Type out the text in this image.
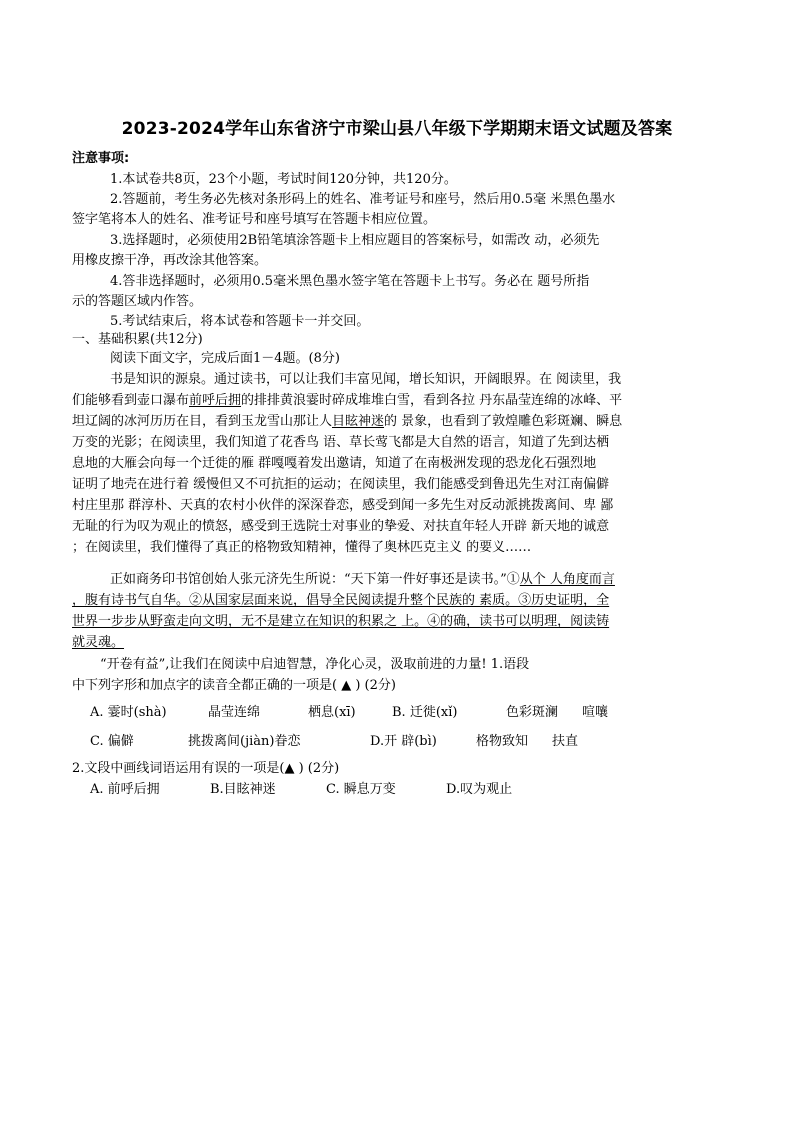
2023-2024学年山东省济宁市梁山县八年级下学期期末语文试题及答案
注意事项:
1.本试卷共8页，23个小题，考试时间120分钟，共120分。
2.答题前，考生务必先核对条形码上的姓名、准考证号和座号，然后用0.5毫 米黑色墨水
签字笔将本人的姓名、准考证号和座号填写在答题卡相应位置。
3.选择题时，必须使用2B铅笔填涂答题卡上相应题目的答案标号，如需改 动，必须先
用橡皮擦干净，再改涂其他答案。
4.答非选择题时，必须用0.5毫米黑色墨水签字笔在答题卡上书写。务必在 题号所指
示的答题区域内作答。
5.考试结束后，将本试卷和答题卡一并交回。
一、基础积累(共12分)
阅读下面文字，完成后面1－4题。(8分)
书是知识的源泉。通过读书，可以让我们丰富见闻，增长知识，开阔眼界。在 阅读里，我
们能够看到壶口瀑布前呼后拥的排排黄浪霎时碎成堆堆白雪，看到各拉 丹东晶莹连绵的冰峰、平
坦辽阔的冰河历历在目，看到玉龙雪山那让人目眩神迷的 景象，也看到了敦煌雕色彩斑斓、瞬息
万变的光影；在阅读里，我们知道了花香鸟 语、草长莺飞都是大自然的语言，知道了先到达栖
息地的大雁会向每一个迁徙的雁 群嘎嘎着发出邀请，知道了在南极洲发现的恐龙化石强烈地
证明了地壳在进行着 缓慢但又不可抗拒的运动；在阅读里，我们能感受到鲁迅先生对江南偏僻
村庄里那 群淳朴、天真的农村小伙伴的深深眷恋，感受到闻一多先生对反动派挑拨离间、卑 鄙
无耻的行为叹为观止的愤怒，感受到王选院士对事业的挚爱、对扶直年轻人开辟 新天地的诚意
；在阅读里，我们懂得了真正的格物致知精神，懂得了奥林匹克主义 的要义……
正如商务印书馆创始人张元济先生所说：“天下第一件好事还是读书。”①从个 人角度而言
，腹有诗书气自华。②从国家层面来说，倡导全民阅读提升整个民族的 素质。③历史证明，全
世界一步步从野蛮走向文明，无不是建立在知识的积累之 上。④的确，读书可以明理，阅读铸
就灵魂。
“开卷有益”,让我们在阅读中启迪智慧，净化心灵，汲取前进的力量! 1.语段
中下列字形和加点字的读音全都正确的一项是( ▲ ) (2分)
A. 霎时(shà)	晶莹连绵	栖息(xī)	B. 迁徙(xǐ)	色彩斑澜 喧嚷
C. 偏僻	挑拨离间(jiàn)眷恋	D.开 辟(bì)	格物致知 扶直
2.文段中画线词语运用有误的一项是(▲ ) (2分)
A. 前呼后拥	B.目眩神迷	C. 瞬息万变	D.叹为观止
